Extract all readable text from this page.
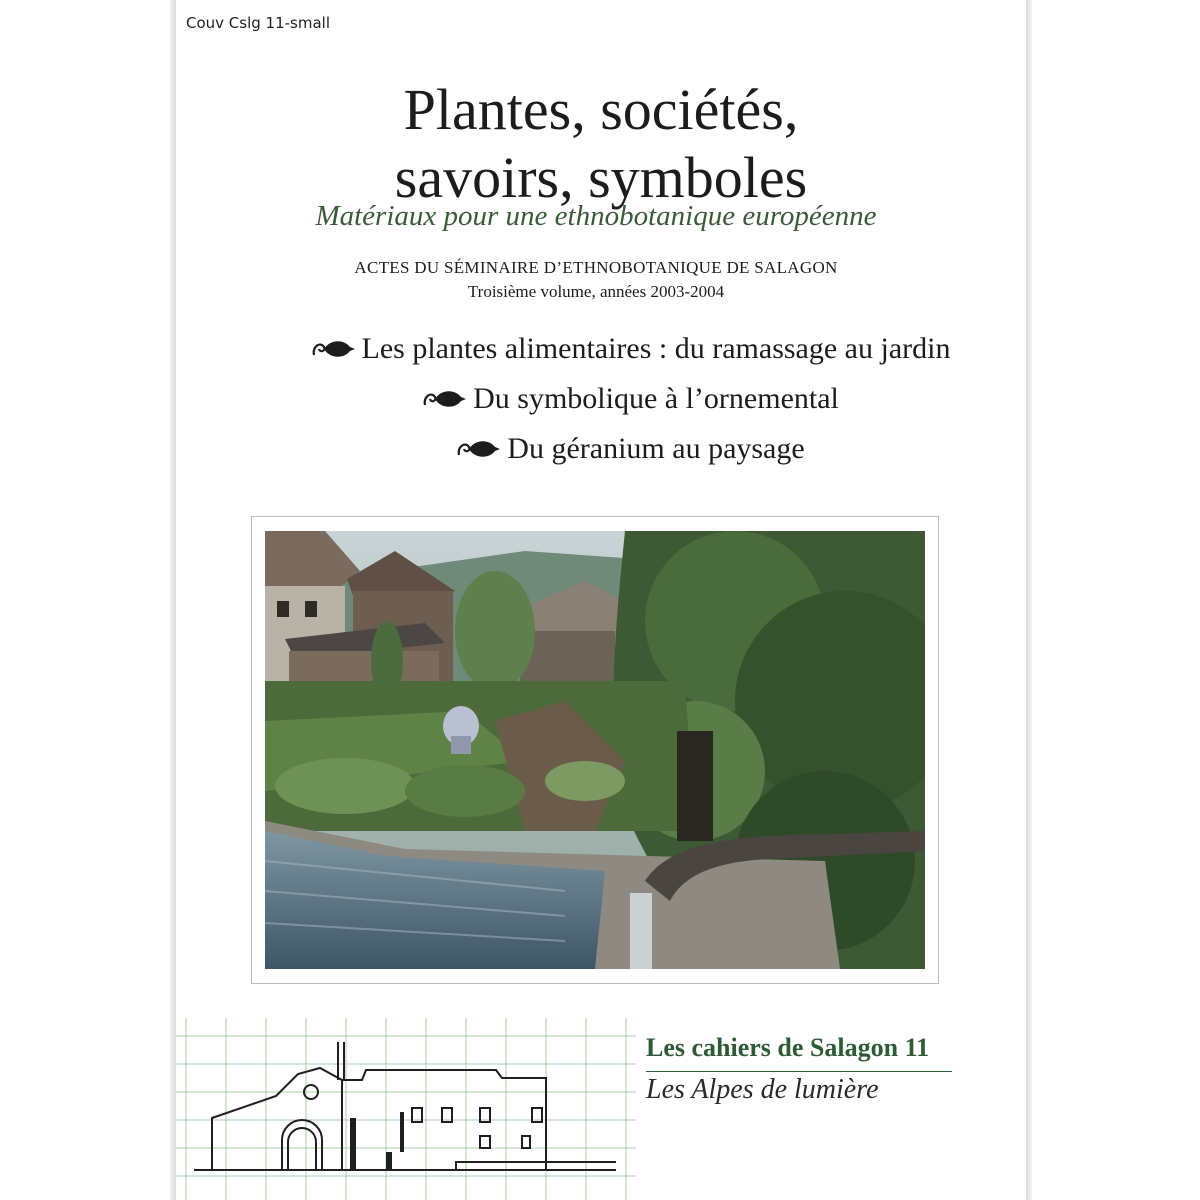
Couv Cslg 11-small
Plantes, sociétés,
savoirs, symboles
Matériaux pour une ethnobotanique européenne
ACTES DU SÉMINAIRE D’ETHNOBOTANIQUE DE SALAGON
Troisième volume, années 2003-2004
Les plantes alimentaires : du ramassage au jardin
Du symbolique à l’ornemental
Du géranium au paysage
Les cahiers de Salagon 11
Les Alpes de lumière
